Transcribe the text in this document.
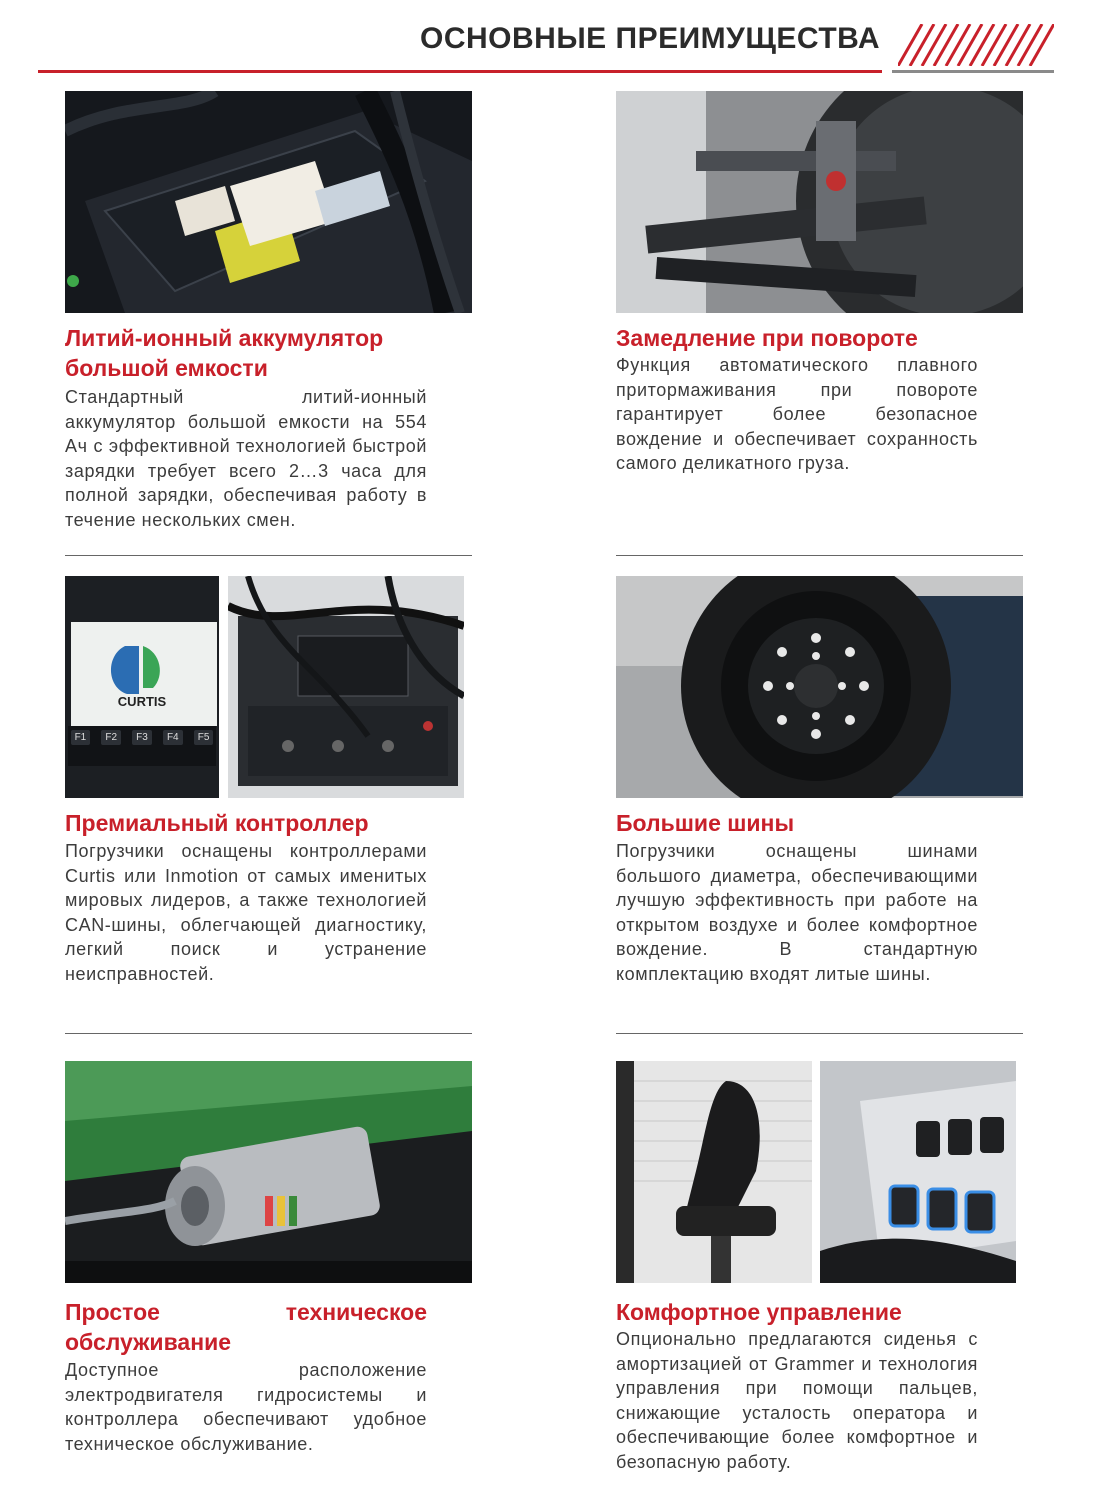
ОСНОВНЫЕ ПРЕИМУЩЕСТВА
Литий-ионный аккумулятор большой емкости

Стандартный литий-ионный аккумулятор большой емкости на 554 Ач с эффективной технологией быстрой зарядки требует всего 2…3 часа для полной зарядки, обеспечивая работу в течение нескольких смен.

Замедление при повороте

Функция автоматического плавного притормаживания при повороте гарантирует более безопасное вождение и обеспечивает сохранность самого деликатного груза.

CURTIS
F1	F2	F3	F4	F5
Премиальный контроллер

Погрузчики оснащены контроллерами Curtis или Inmotion от самых именитых мировых лидеров, а также технологией CAN-шины, облегчающей диагностику, легкий поиск и устранение неисправностей.

Большие шины

Погрузчики оснащены шинами большого диаметра, обеспечивающими лучшую эффективность при работе на открытом воздухе и более комфортное вождение. В стандартную комплектацию входят литые шины.

Простое техническое обслуживание

Доступное расположение электродвигателя гидросистемы и контроллера обеспечивают удобное техническое обслуживание.

Комфортное управление

Опционально предлагаются сиденья с амортизацией от Grammer и технология управления при помощи пальцев, снижающие усталость оператора и обеспечивающие более комфортное и безопасную работу.
